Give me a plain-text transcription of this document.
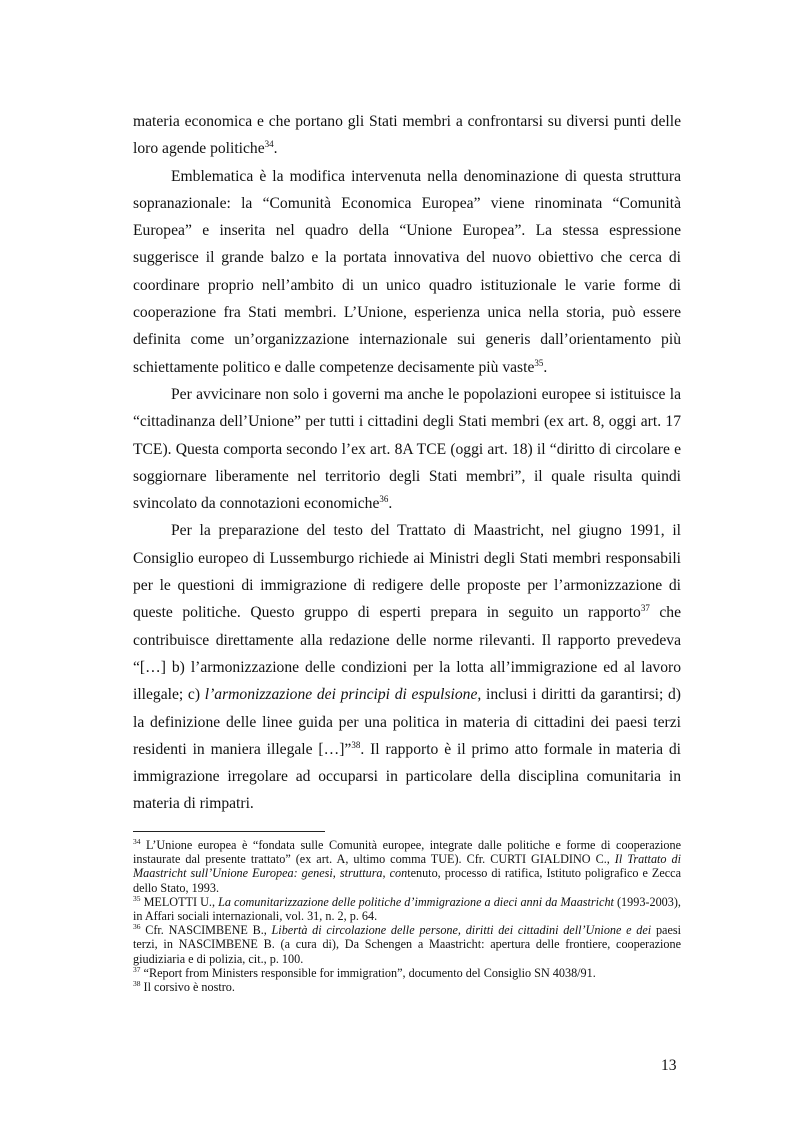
materia economica e che portano gli Stati membri a confrontarsi su diversi punti delle loro agende politiche$^{34}$.

Emblematica è la modifica intervenuta nella denominazione di questa struttura sopranazionale: la “Comunità Economica Europea” viene rinominata “Comunità Europea” e inserita nel quadro della “Unione Europea”. La stessa espressione suggerisce il grande balzo e la portata innovativa del nuovo obiettivo che cerca di coordinare proprio nell’ambito di un unico quadro istituzionale le varie forme di cooperazione fra Stati membri. L’Unione, esperienza unica nella storia, può essere definita come un’organizzazione internazionale sui generis dall’orientamento più schiettamente politico e dalle competenze decisamente più vaste$^{35}$.

Per avvicinare non solo i governi ma anche le popolazioni europee si istituisce la “cittadinanza dell’Unione” per tutti i cittadini degli Stati membri (ex art. 8, oggi art. 17 TCE). Questa comporta secondo l’ex art. 8A TCE (oggi art. 18) il “diritto di circolare e soggiornare liberamente nel territorio degli Stati membri”, il quale risulta quindi svincolato da connotazioni economiche$^{36}$.

Per la preparazione del testo del Trattato di Maastricht, nel giugno 1991, il Consiglio europeo di Lussemburgo richiede ai Ministri degli Stati membri responsabili per le questioni di immigrazione di redigere delle proposte per l’armonizzazione di queste politiche. Questo gruppo di esperti prepara in seguito un rapporto$^{37}$ che contribuisce direttamente alla redazione delle norme rilevanti. Il rapporto prevedeva “[…] b) l’armonizzazione delle condizioni per la lotta all’immigrazione ed al lavoro illegale; c) l’armonizzazione dei principi di espulsione, inclusi i diritti da garantirsi; d) la definizione delle linee guida per una politica in materia di cittadini dei paesi terzi residenti in maniera illegale […]”$^{38}$. Il rapporto è il primo atto formale in materia di immigrazione irregolare ad occuparsi in particolare della disciplina comunitaria in materia di rimpatri.

$^{34}$ L’Unione europea è “fondata sulle Comunità europee, integrate dalle politiche e forme di cooperazione instaurate dal presente trattato” (ex art. A, ultimo comma TUE). Cfr. CURTI GIALDINO C., Il Trattato di Maastricht sull’Unione Europea: genesi, struttura, contenuto, processo di ratifica, Istituto poligrafico e Zecca dello Stato, 1993.

$^{35}$ MELOTTI U., La comunitarizzazione delle politiche d’immigrazione a dieci anni da Maastricht (1993-2003), in Affari sociali internazionali, vol. 31, n. 2, p. 64.

$^{36}$ Cfr. NASCIMBENE B., Libertà di circolazione delle persone, diritti dei cittadini dell’Unione e dei paesi terzi, in NASCIMBENE B. (a cura di), Da Schengen a Maastricht: apertura delle frontiere, cooperazione giudiziaria e di polizia, cit., p. 100.

$^{37}$ “Report from Ministers responsible for immigration”, documento del Consiglio SN 4038/91.

$^{38}$ Il corsivo è nostro.

13
